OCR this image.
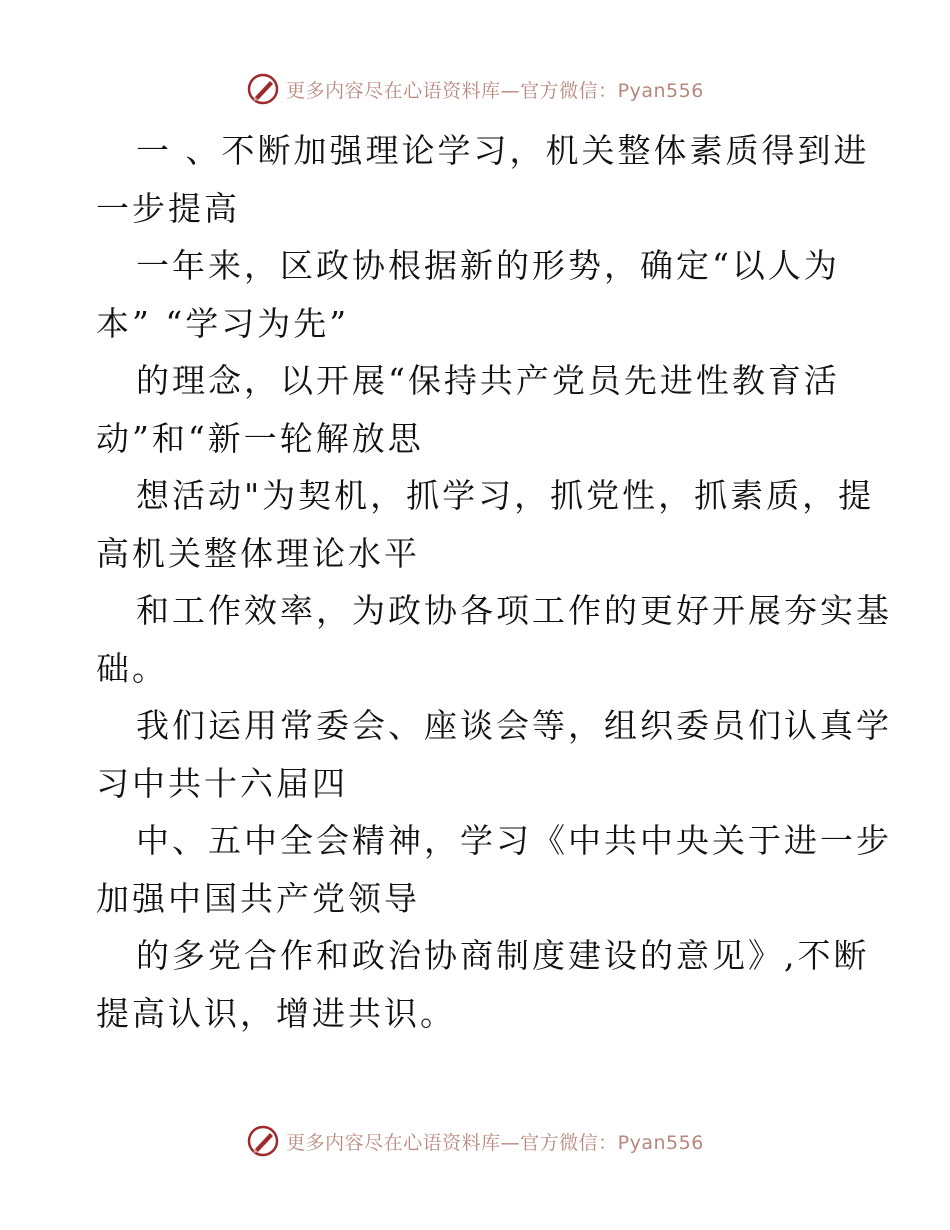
更多内容尽在心语资料库—官方微信：Pyan556
一 、不断加强理论学习，机关整体素质得到进
一步提高
一年来，区政协根据新的形势，确定“以人为
本” “学习为先”
的理念，以开展“保持共产党员先进性教育活
动”和“新一轮解放思
想活动"为契机，抓学习，抓党性，抓素质，提
高机关整体理论水平
和工作效率，为政协各项工作的更好开展夯实基
础。
我们运用常委会、座谈会等，组织委员们认真学
习中共十六届四
中、五中全会精神，学习《中共中央关于进一步
加强中国共产党领导
的多党合作和政治协商制度建设的意见》,不断
提高认识，增进共识。
更多内容尽在心语资料库—官方微信：Pyan556
